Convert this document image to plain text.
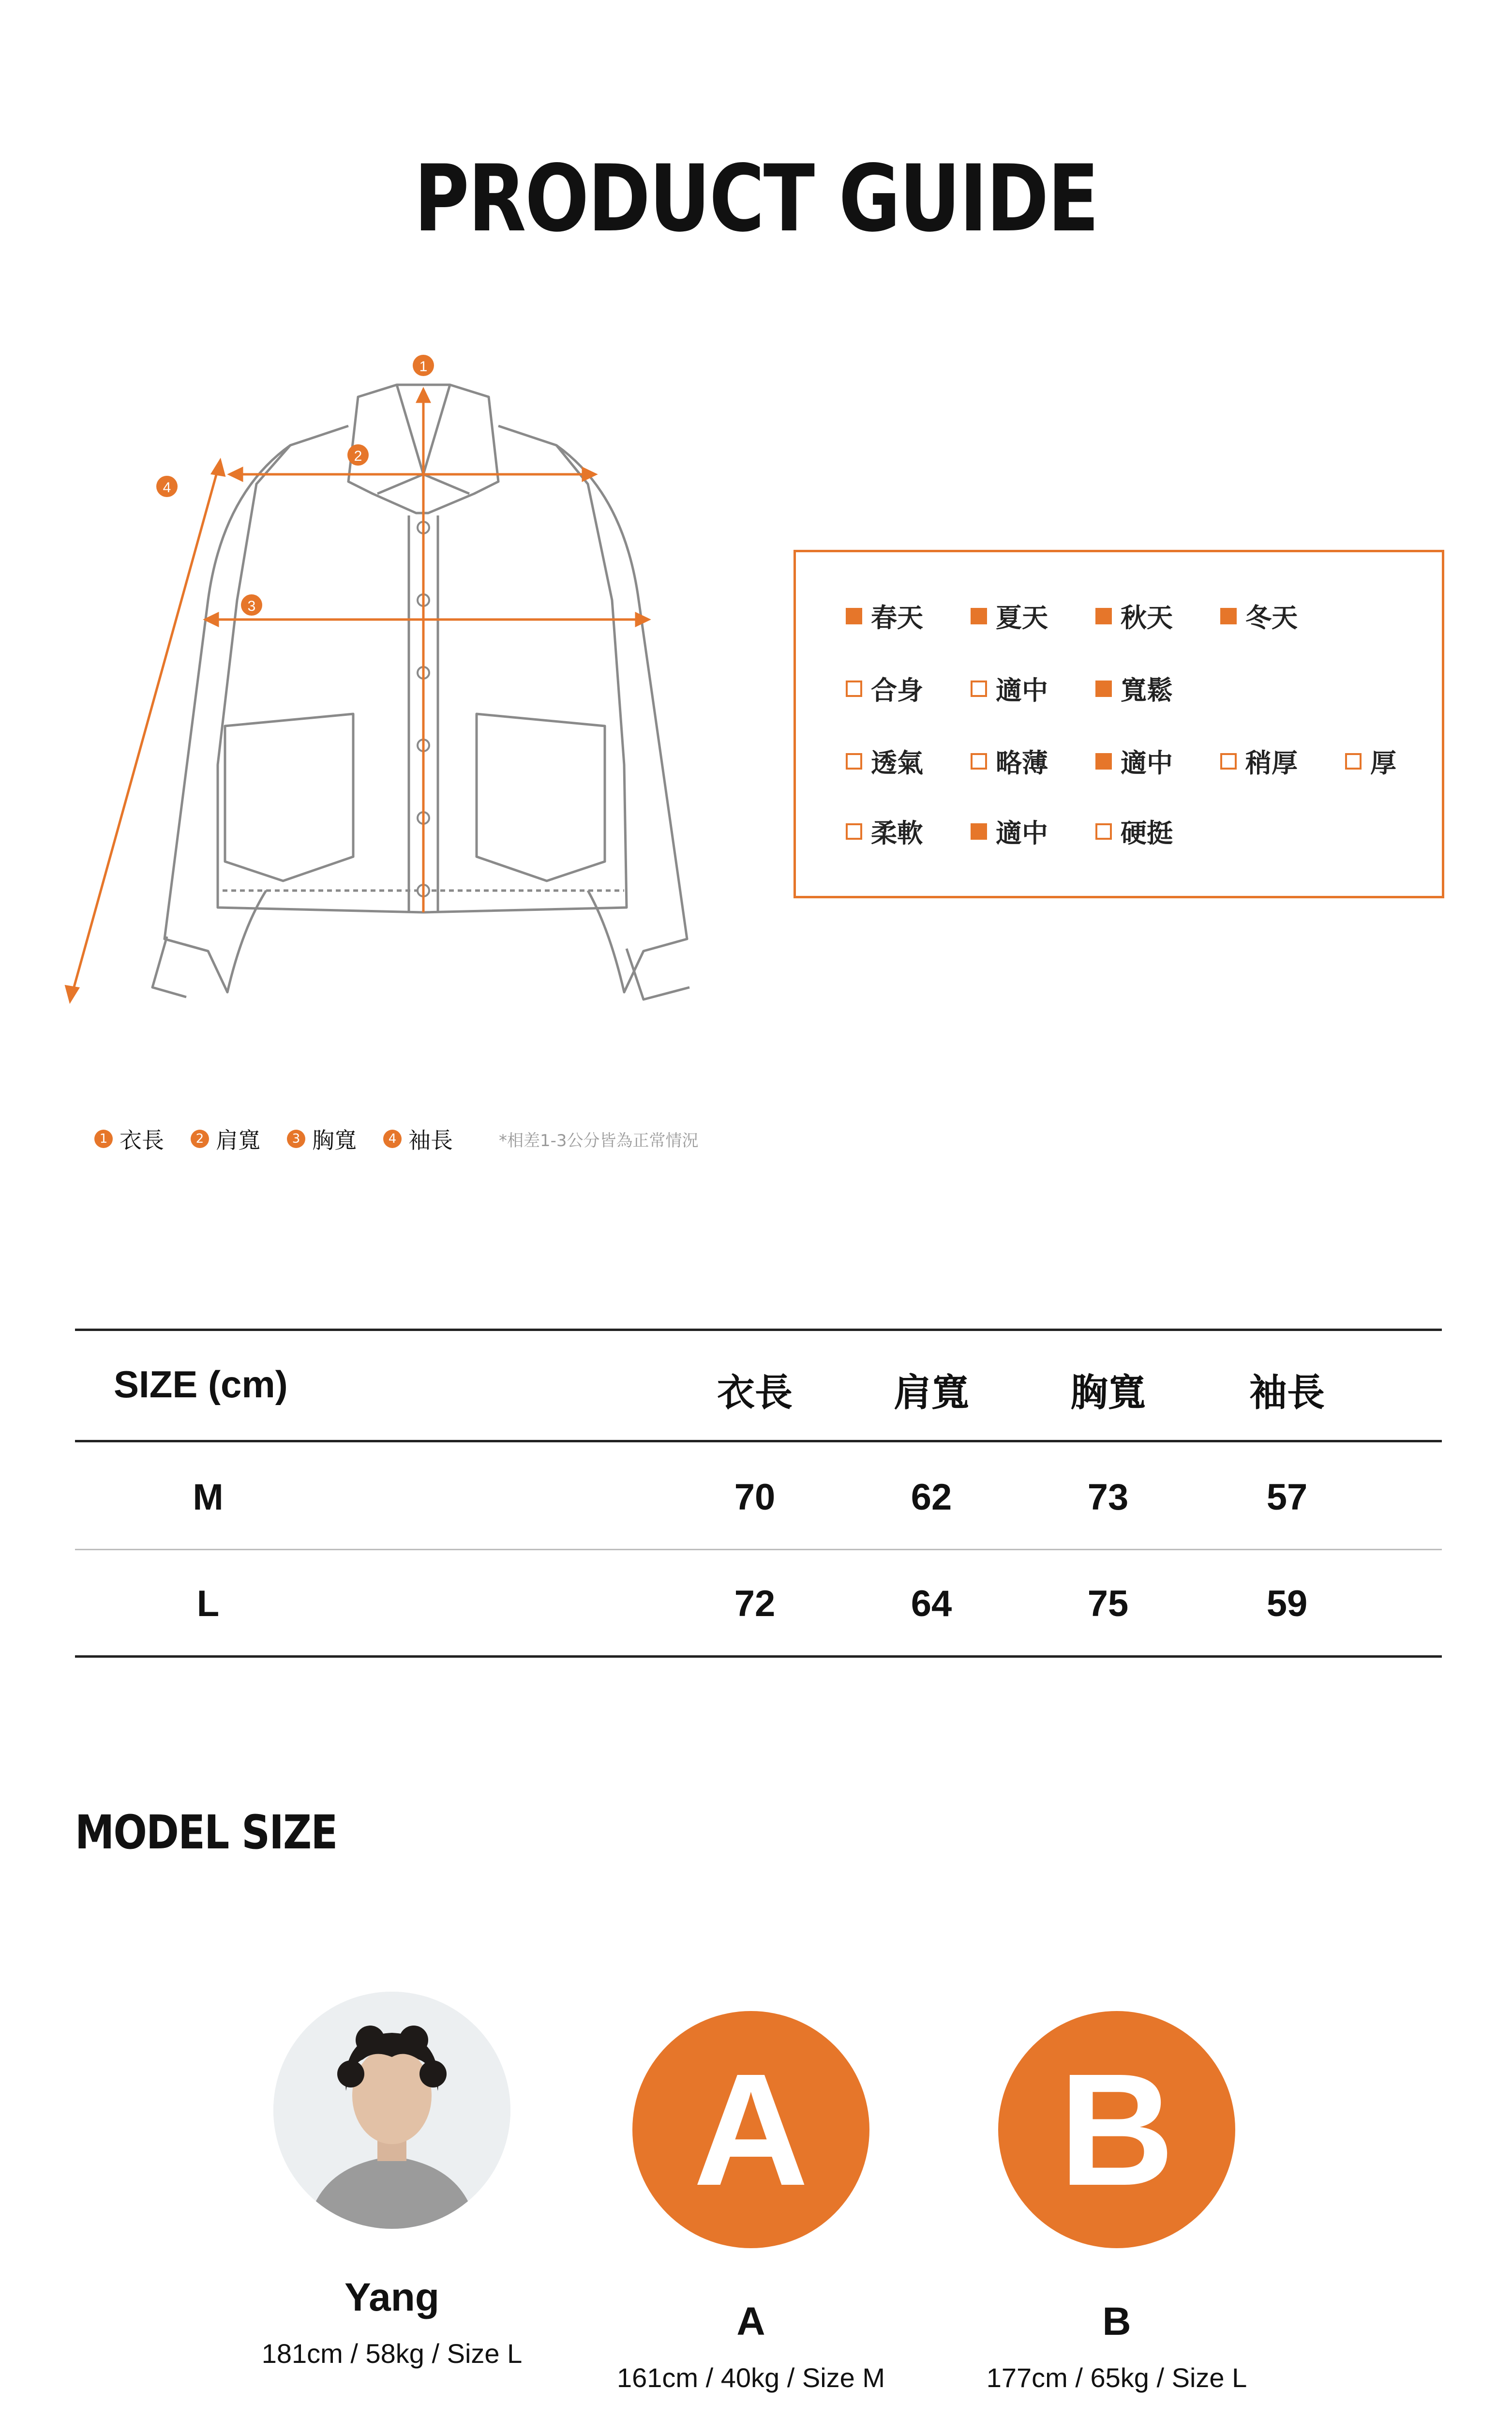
PRODUCT GUIDE
1
2
3
4
1 衣長	2 肩寬	3 胸寬	4 袖長	*相差1-3公分皆為正常情況
春天	夏天	秋天	冬天
合身	適中	寬鬆
透氣	略薄	適中	稍厚	厚
柔軟	適中	硬挺
SIZE (cm)	衣長	肩寬	胸寬	袖長
M	70	62	73	57
L	72	64	75	59
MODEL SIZE
Yang
181cm / 58kg / Size L
A
A
161cm / 40kg / Size M
B
B
177cm / 65kg / Size L
